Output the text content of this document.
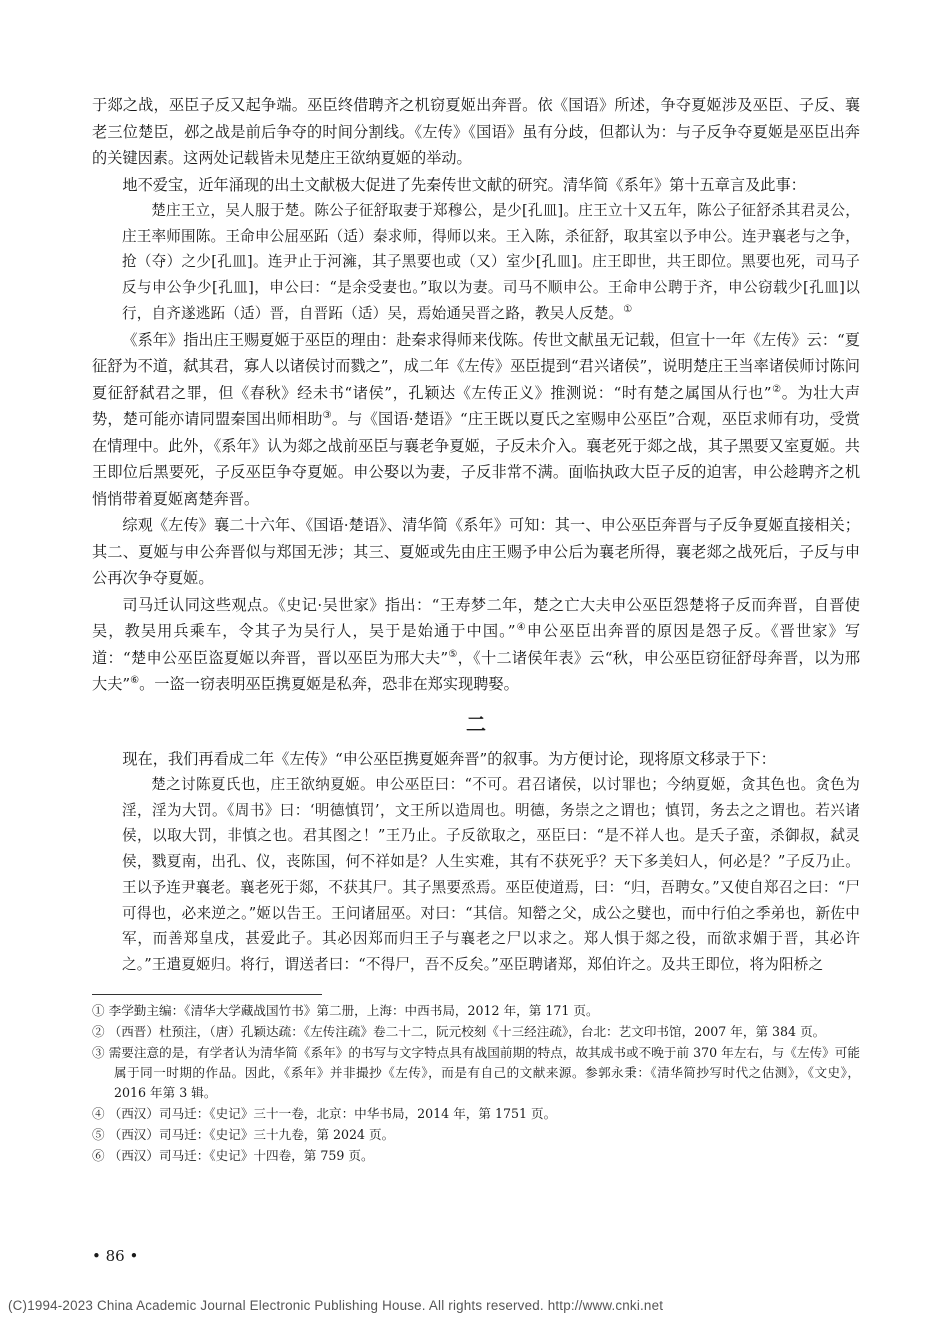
于郯之战，巫臣子反又起争端。巫臣终借聘齐之机窃夏姬出奔晋。依《国语》所述，争夺夏姬涉及巫臣、子反、襄老三位楚臣，邲之战是前后争夺的时间分割线。《左传》《国语》虽有分歧，但都认为：与子反争夺夏姬是巫臣出奔的关键因素。这两处记载皆未见楚庄王欲纳夏姬的举动。

地不爱宝，近年涌现的出土文献极大促进了先秦传世文献的研究。清华简《系年》第十五章言及此事：

楚庄王立，吴人服于楚。陈公子征舒取妻于郑穆公，是少[孔皿]。庄王立十又五年，陈公子征舒杀其君灵公，庄王率师围陈。王命申公屈巫跖（适）秦求师，得师以来。王入陈，杀征舒，取其室以予申公。连尹襄老与之争，抢（夺）之少[孔皿]。连尹止于河澭，其子黑要也或（又）室少[孔皿]。庄王即世，共王即位。黑要也死，司马子反与申公争少[孔皿]，申公曰：“是余受妻也。”取以为妻。司马不顺申公。王命申公聘于齐，申公窃载少[孔皿]以行，自齐遂逃跖（适）晋，自晋跖（适）吴，焉始通吴晋之路，教吴人反楚。①

《系年》指出庄王赐夏姬于巫臣的理由：赴秦求得师来伐陈。传世文献虽无记载，但宣十一年《左传》云：“夏征舒为不道，弑其君，寡人以诸侯讨而戮之”，成二年《左传》巫臣提到“君兴诸侯”，说明楚庄王当率诸侯师讨陈问夏征舒弑君之罪，但《春秋》经未书“诸侯”，孔颖达《左传正义》推测说：“时有楚之属国从行也”②。为壮大声势，楚可能亦请同盟秦国出师相助③。与《国语·楚语》“庄王既以夏氏之室赐申公巫臣”合观，巫臣求师有功，受赏在情理中。此外，《系年》认为郯之战前巫臣与襄老争夏姬，子反未介入。襄老死于郯之战，其子黑要又室夏姬。共王即位后黑要死，子反巫臣争夺夏姬。申公娶以为妻，子反非常不满。面临执政大臣子反的迫害，申公趁聘齐之机悄悄带着夏姬离楚奔晋。

综观《左传》襄二十六年、《国语·楚语》、清华简《系年》可知：其一、申公巫臣奔晋与子反争夏姬直接相关；其二、夏姬与申公奔晋似与郑国无涉；其三、夏姬或先由庄王赐予申公后为襄老所得，襄老郯之战死后，子反与申公再次争夺夏姬。

司马迁认同这些观点。《史记·吴世家》指出：“王寿梦二年，楚之亡大夫申公巫臣怨楚将子反而奔晋，自晋使吴，教吴用兵乘车，令其子为吴行人，吴于是始通于中国。”④申公巫臣出奔晋的原因是怨子反。《晋世家》写道：“楚申公巫臣盗夏姬以奔晋，晋以巫臣为邢大夫”⑤，《十二诸侯年表》云“秋，申公巫臣窃征舒母奔晋，以为邢大夫”⑥。一盗一窃表明巫臣携夏姬是私奔，恐非在郑实现聘娶。

二

现在，我们再看成二年《左传》“申公巫臣携夏姬奔晋”的叙事。为方便讨论，现将原文移录于下：

楚之讨陈夏氏也，庄王欲纳夏姬。申公巫臣曰：“不可。君召诸侯，以讨罪也；今纳夏姬，贪其色也。贪色为淫，淫为大罚。《周书》曰：‘明德慎罚’，文王所以造周也。明德，务崇之之谓也；慎罚，务去之之谓也。若兴诸侯，以取大罚，非慎之也。君其图之！”王乃止。子反欲取之，巫臣曰：“是不祥人也。是夭子蛮，杀御叔，弑灵侯，戮夏南，出孔、仪，丧陈国，何不祥如是？人生实难，其有不获死乎？天下多美妇人，何必是？”子反乃止。王以予连尹襄老。襄老死于郯，不获其尸。其子黑要烝焉。巫臣使道焉，曰：“归，吾聘女。”又使自郑召之曰：“尸可得也，必来逆之。”姬以告王。王问诸屈巫。对曰：“其信。知罃之父，成公之嬖也，而中行伯之季弟也，新佐中军，而善郑皇戌，甚爱此子。其必因郑而归王子与襄老之尸以求之。郑人惧于郯之役，而欲求媚于晋，其必许之。”王遣夏姬归。将行，谓送者曰：“不得尸，吾不反矣。”巫臣聘诸郑，郑伯许之。及共王即位，将为阳桥之

① 李学勤主编：《清华大学藏战国竹书》第二册，上海：中西书局，2012 年，第 171 页。

② （西晋）杜预注，（唐）孔颖达疏：《左传注疏》卷二十二，阮元校刻《十三经注疏》，台北：艺文印书馆，2007 年，第 384 页。

③ 需要注意的是，有学者认为清华简《系年》的书写与文字特点具有战国前期的特点，故其成书或不晚于前 370 年左右，与《左传》可能属于同一时期的作品。因此，《系年》并非撮抄《左传》，而是有自己的文献来源。参郭永秉：《清华简抄写时代之估测》，《文史》，2016 年第 3 辑。

④ （西汉）司马迁：《史记》三十一卷，北京：中华书局，2014 年，第 1751 页。

⑤ （西汉）司马迁：《史记》三十九卷，第 2024 页。

⑥ （西汉）司马迁：《史记》十四卷，第 759 页。

• 86 •
(C)1994-2023 China Academic Journal Electronic Publishing House. All rights reserved. http://www.cnki.net
